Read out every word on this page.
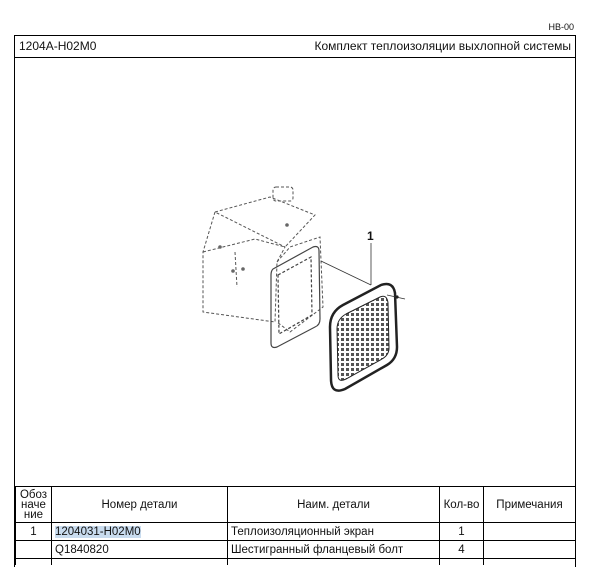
HB-00
1204A-H02M0	Комплект теплоизоляции выхлопной системы
1
Обоз наче ние	Номер детали	Наим. детали	Кол-во	Примечания
1	1204031-H02M0	Теплоизоляционный экран	1	
	Q1840820	Шестигранный фланцевый болт	4	
